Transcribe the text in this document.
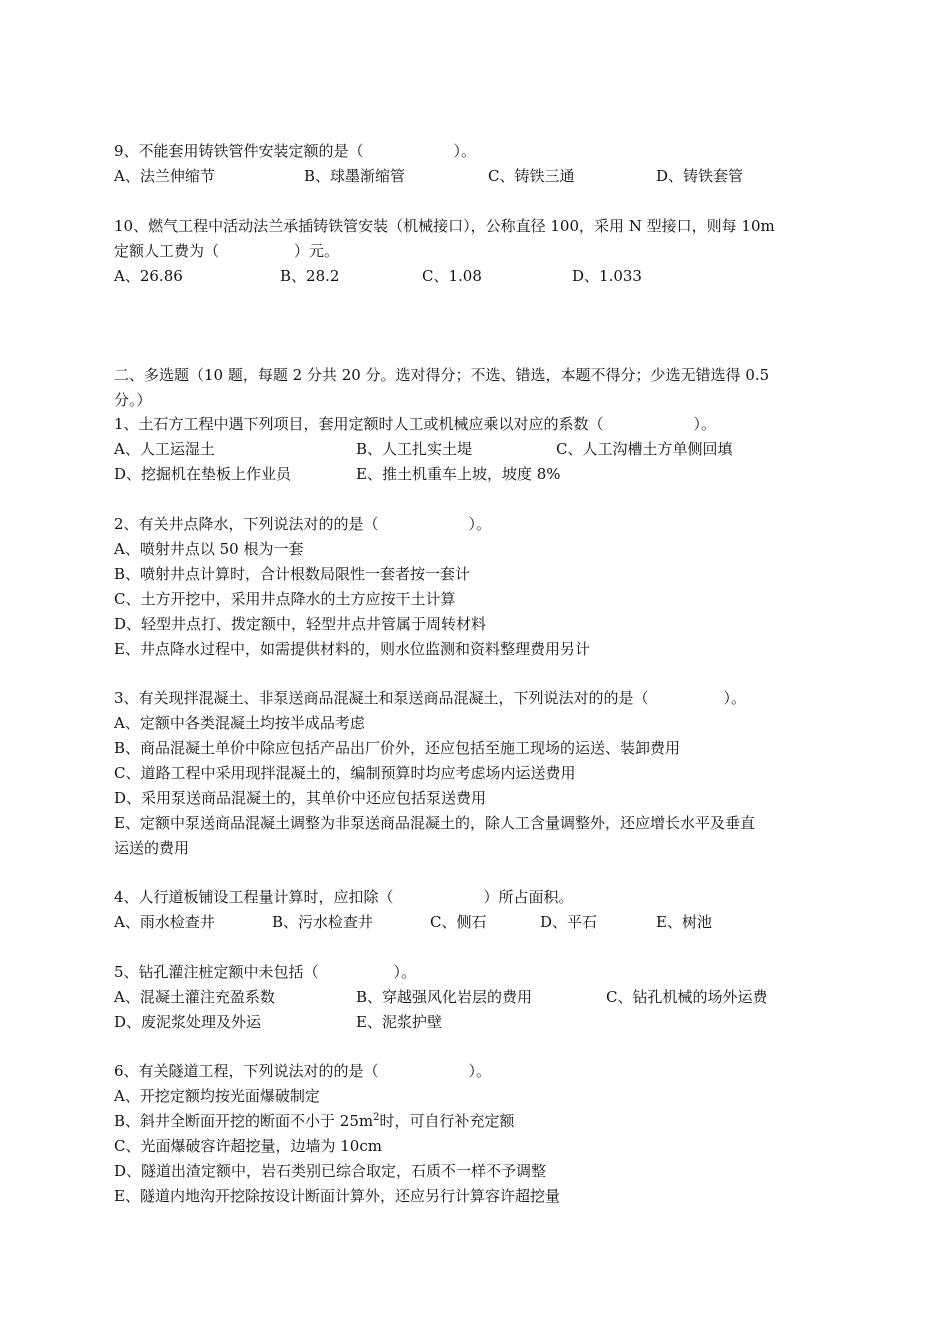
9、不能套用铸铁管件安装定额的是（　　　　　　）。
A、法兰伸缩节	B、球墨渐缩管	C、铸铁三通	D、铸铁套管
10、燃气工程中活动法兰承插铸铁管安装（机械接口），公称直径 100，采用 N 型接口，则每 10m
定额人工费为（　　　　　）元。
A、26.86	B、28.2	C、1.08	D、1.033
二、多选题（10 题，每题 2 分共 20 分。选对得分；不选、错选，本题不得分；少选无错选得 0.5
分。）
1、土石方工程中遇下列项目，套用定额时人工或机械应乘以对应的系数（　　　　　　）。
A、人工运湿土	B、人工扎实土堤	C、人工沟槽土方单侧回填
D、挖掘机在垫板上作业员	E、推土机重车上坡，坡度 8%
2、有关井点降水，下列说法对的的是（　　　　　　）。
A、喷射井点以 50 根为一套
B、喷射井点计算时，合计根数局限性一套者按一套计
C、土方开挖中，采用井点降水的土方应按干土计算
D、轻型井点打、拨定额中，轻型井点井管属于周转材料
E、井点降水过程中，如需提供材料的，则水位监测和资料整理费用另计
3、有关现拌混凝土、非泵送商品混凝土和泵送商品混凝土，下列说法对的的是（　　　　　）。
A、定额中各类混凝土均按半成品考虑
B、商品混凝土单价中除应包括产品出厂价外，还应包括至施工现场的运送、装卸费用
C、道路工程中采用现拌混凝土的，编制预算时均应考虑场内运送费用
D、采用泵送商品混凝土的，其单价中还应包括泵送费用
E、定额中泵送商品混凝土调整为非泵送商品混凝土的，除人工含量调整外，还应增长水平及垂直
运送的费用
4、人行道板铺设工程量计算时，应扣除（　　　　　　）所占面积。
A、雨水检查井	B、污水检查井	C、侧石	D、平石	E、树池
5、钻孔灌注桩定额中未包括（　　　　　）。
A、混凝土灌注充盈系数	B、穿越强风化岩层的费用	C、钻孔机械的场外运费
D、废泥浆处理及外运	E、泥浆护壁
6、有关隧道工程，下列说法对的的是（　　　　　　）。
A、开挖定额均按光面爆破制定
B、斜井全断面开挖的断面不小于 $25m^2$时，可自行补充定额
C、光面爆破容许超挖量，边墙为 10cm
D、隧道出渣定额中，岩石类别已综合取定，石质不一样不予调整
E、隧道内地沟开挖除按设计断面计算外，还应另行计算容许超挖量
